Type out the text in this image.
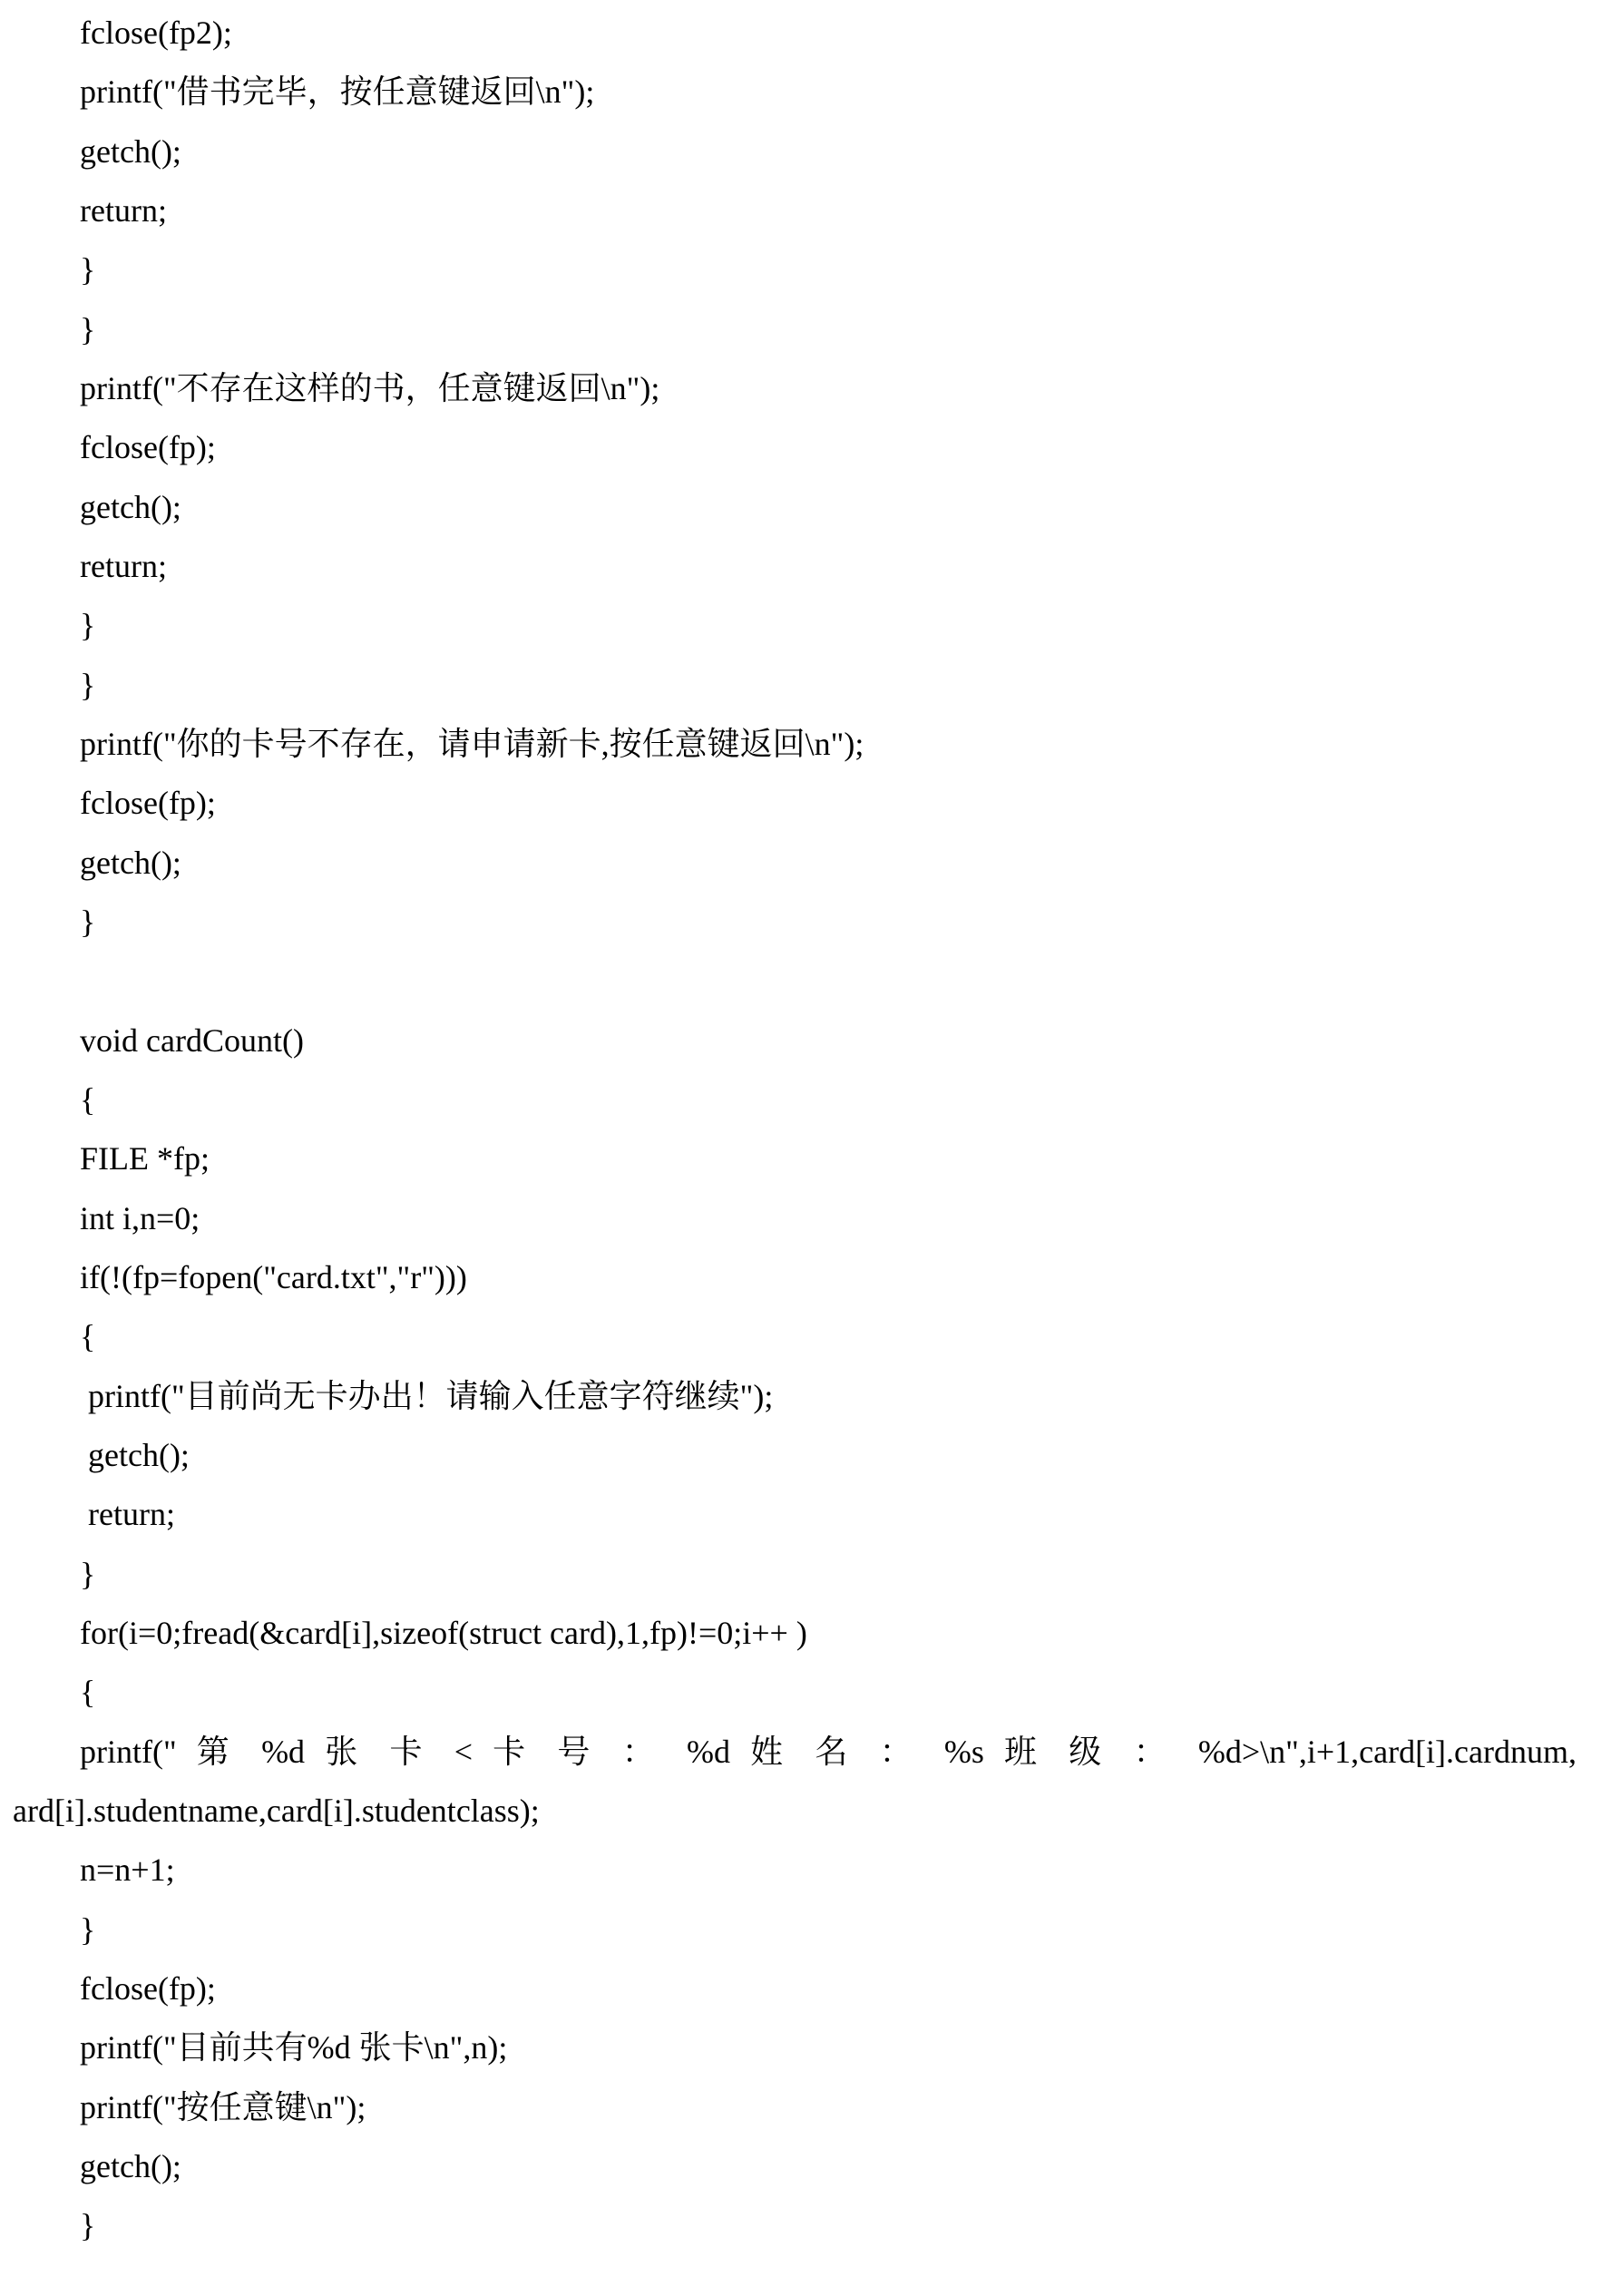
fclose(fp2);
printf("借书完毕，按任意键返回\n");
getch();
return;
}
}
printf("不存在这样的书，任意键返回\n");
fclose(fp);
getch();
return;
}
}
printf("你的卡号不存在，请申请新卡,按任意键返回\n");
fclose(fp);
getch();
}
void cardCount()
{
FILE *fp;
int i,n=0;
if(!(fp=fopen("card.txt","r")))
{
printf("目前尚无卡办出！请输入任意字符继续");
getch();
return;
}
for(i=0;fread(&card[i],sizeof(struct card),1,fp)!=0;i++ )
{
printf(" 第 %d 张 卡 < 卡 号 ： %d 姓 名 ： %s 班 级 ： %d>\n",i+1,card[i].cardnum,
ard[i].studentname,card[i].studentclass);
n=n+1;
}
fclose(fp);
printf("目前共有%d 张卡\n",n);
printf("按任意键\n");
getch();
}
